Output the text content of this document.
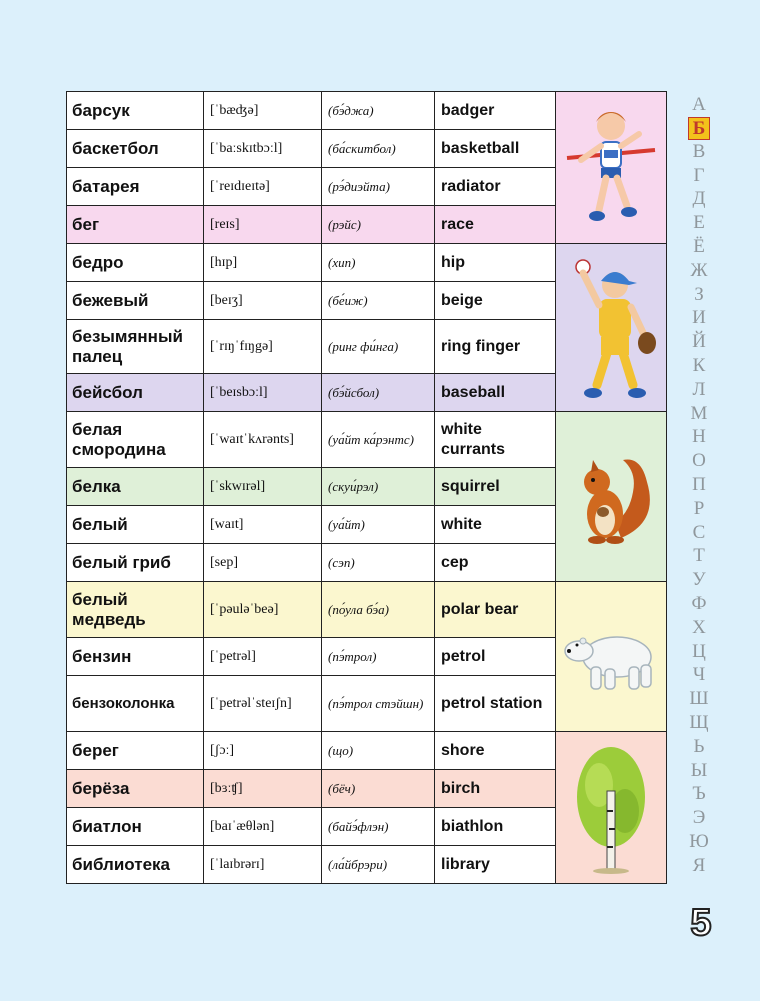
барсук	[ˈbæʤə]	(бэ́джа)	badger	

баскетбол	[ˈbaːskɪtbɔːl]	(ба́скитбол)	basketball	
батарея	[ˈreɪdɪeɪtə]	(рэ́диэйта)	radiator	
бег	[reɪs]	(рэйс)	race	
бедро	[hɪp]	(хип)	hip	

бежевый	[beɪʒ]	(бе́иж)	beige	
безымянный палец	[ˈrɪŋˈfɪŋgə]	(ринг фи́нга)	ring finger	
бейсбол	[ˈbeɪsbɔːl]	(бэ́йсбол)	baseball	
белая смородина	[ˈwaɪtˈkʌrənts]	(уа́йт ка́рэнтс)	white currants	

белка	[ˈskwɪrəl]	(скуи́рэл)	squirrel	
белый	[waɪt]	(уа́йт)	white	
белый гриб	[sep]	(сэп)	cep	
белый медведь	[ˈpəuləˈbeə]	(по́ула бэ́а)	polar bear	

бензин	[ˈpetrəl]	(пэ́трол)	petrol	
бензоколонка	[ˈpetrəlˈsteɪʃn]	(пэ́трол стэйшн)	petrol station	
берег	[ʃɔː]	(що)	shore	

берёза	[bɜːʧ]	(бёч)	birch	
биатлон	[baɪˈæθlən]	(байэ́флэн)	biathlon	
библиотека	[ˈlaɪbrərɪ]	(ла́йбрэри)	library	
А
Б
В
Г
Д
Е
Ё
Ж
З
И
Й
К
Л
М
Н
О
П
Р
С
Т
У
Ф
Х
Ц
Ч
Ш
Щ
Ь
Ы
Ъ
Э
Ю
Я
5
